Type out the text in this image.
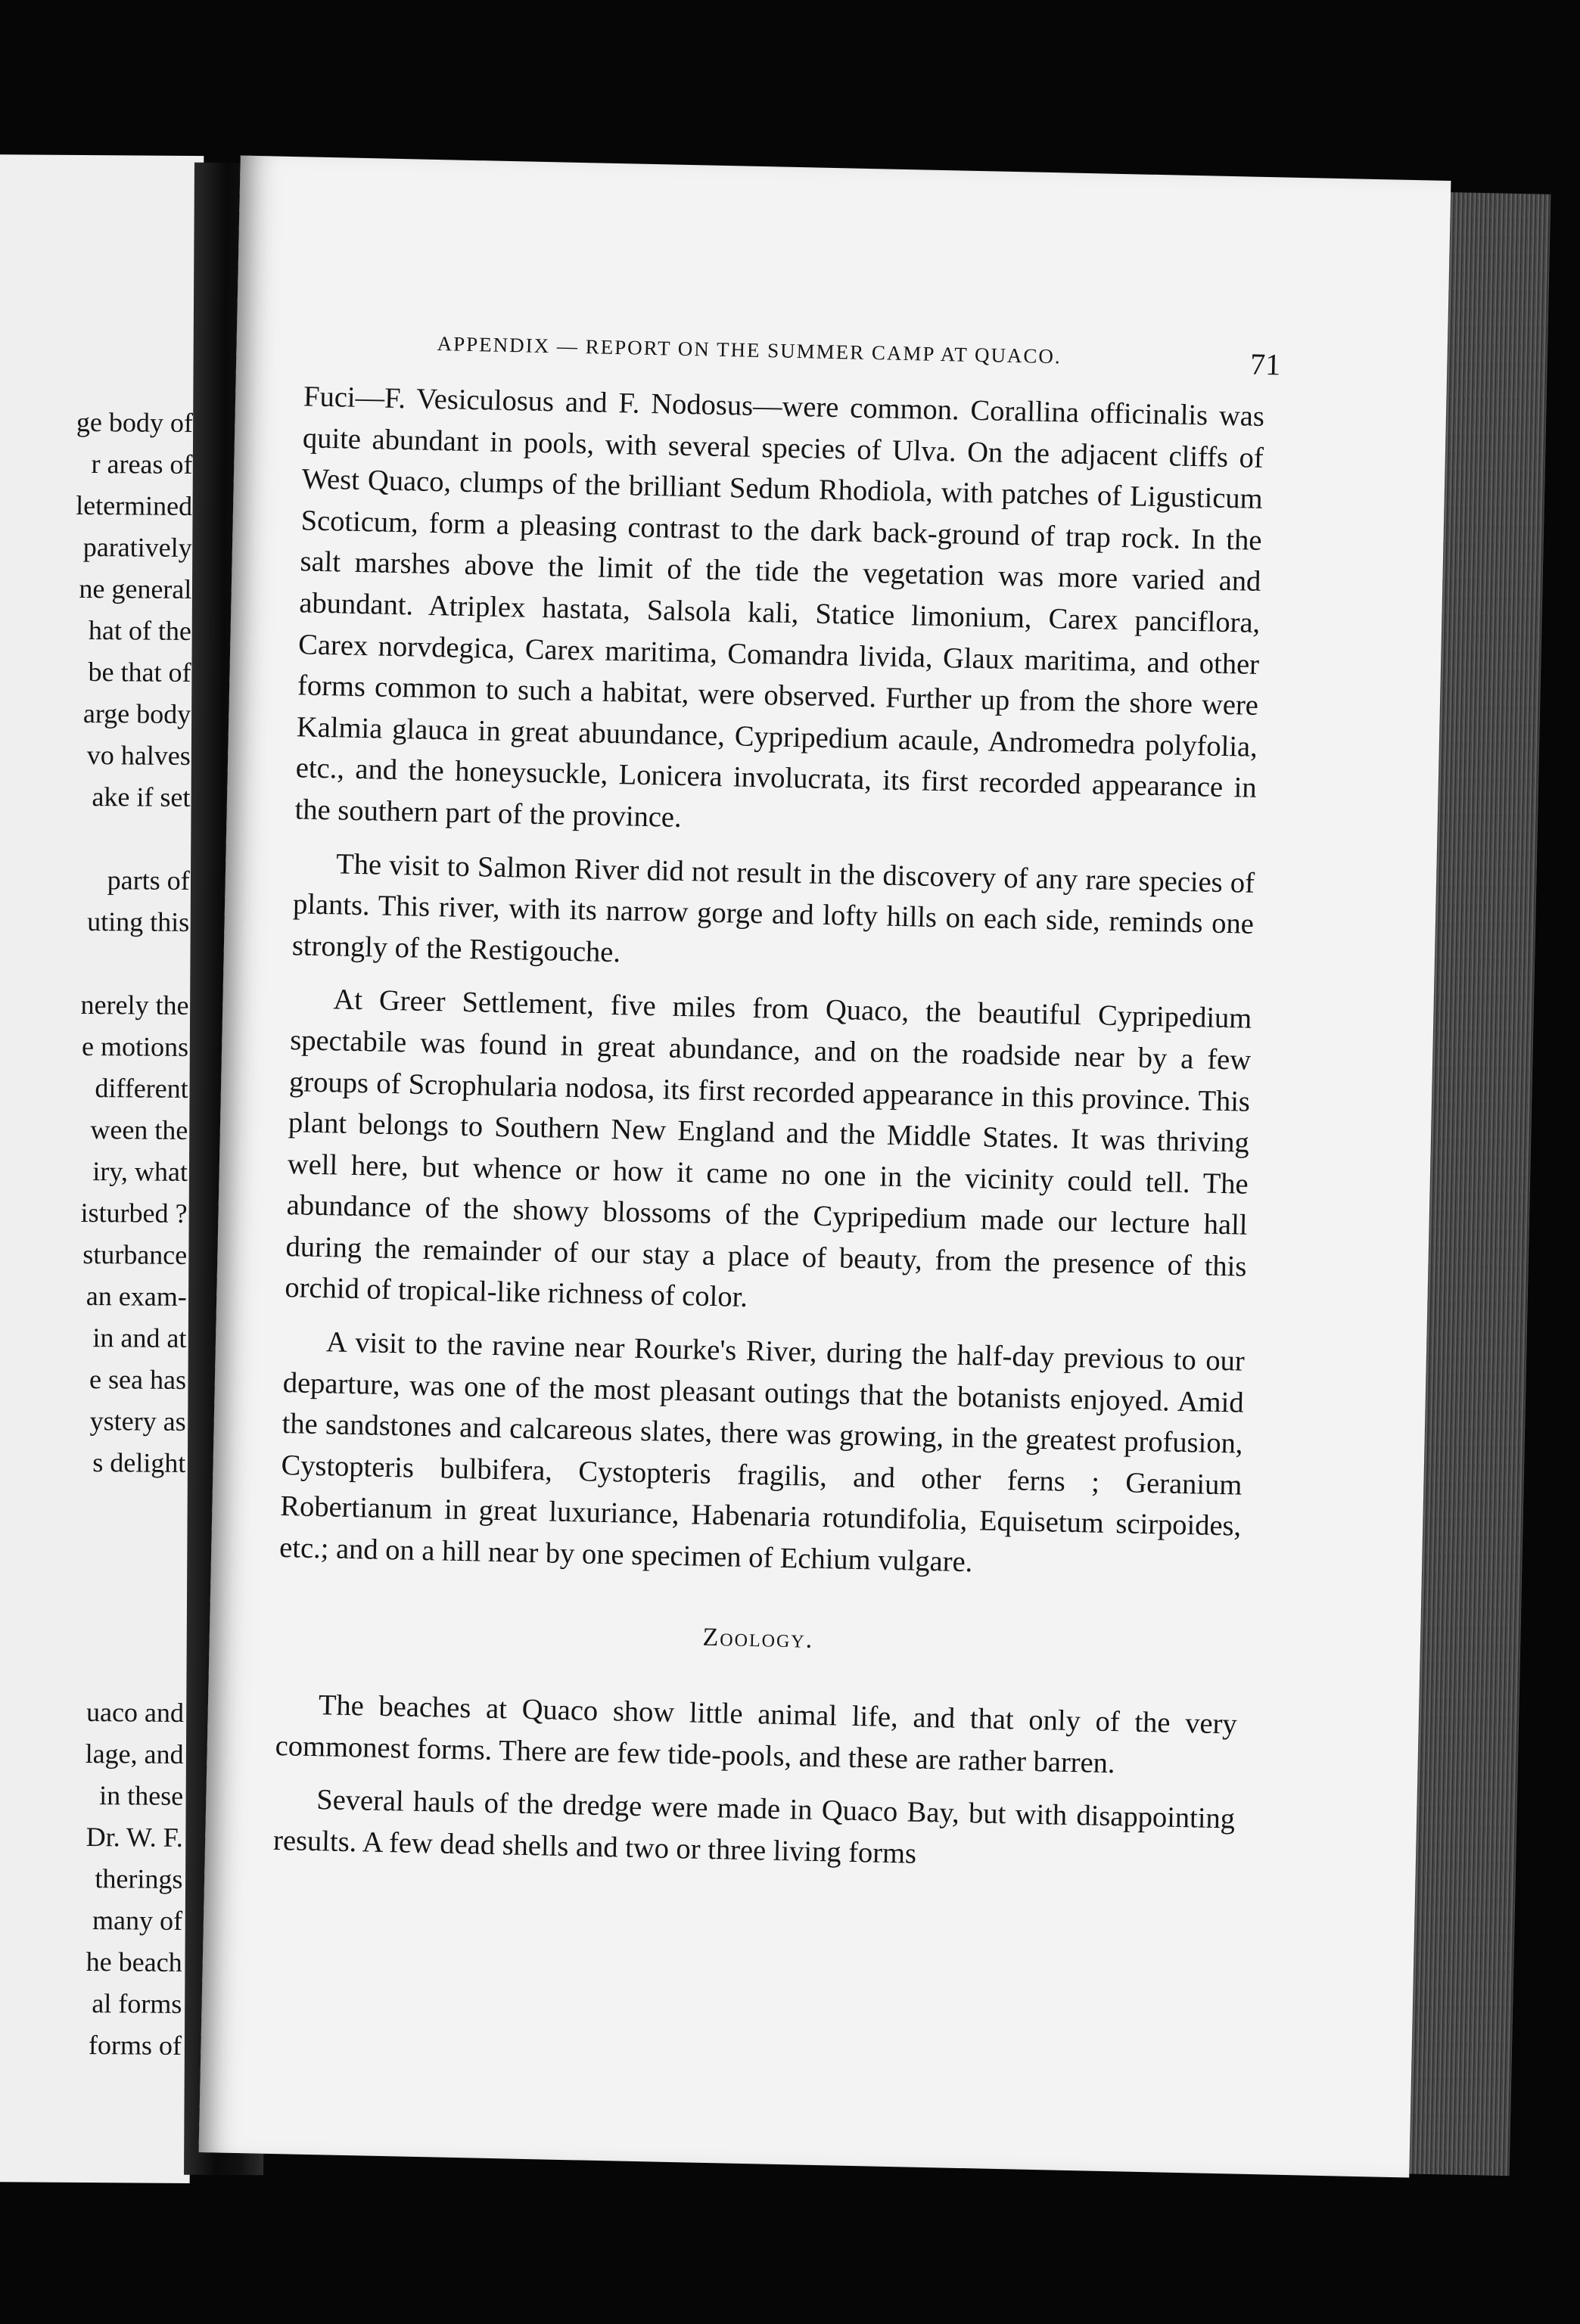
ge body of
r areas of
letermined
paratively
ne general
hat of the
be that of
arge body
vo halves
ake if set
parts of
uting this
nerely the
e motions
different
ween the
iry, what
isturbed ?
sturbance
an exam-
in and at
e sea has
ystery as
s delight
uaco and
lage, and
in these
Dr. W. F.
therings
many of
he beach
al forms
forms of
APPENDIX — REPORT ON THE SUMMER CAMP AT QUACO.	71

Fuci—F. Vesiculosus and F. Nodosus—were common. Corallina officinalis was quite abundant in pools, with several species of Ulva. On the adjacent cliffs of West Quaco, clumps of the brilliant Sedum Rhodiola, with patches of Ligusticum Scoticum, form a pleasing contrast to the dark back-ground of trap rock. In the salt marshes above the limit of the tide the vegetation was more varied and abundant. Atriplex hastata, Salsola kali, Statice limonium, Carex panciflora, Carex norvdegica, Carex maritima, Comandra livida, Glaux maritima, and other forms common to such a habitat, were observed. Further up from the shore were Kalmia glauca in great abuundance, Cypripedium acaule, Andromedra polyfolia, etc., and the honeysuckle, Lonicera involucrata, its first recorded appearance in the southern part of the province.

The visit to Salmon River did not result in the discovery of any rare species of plants. This river, with its narrow gorge and lofty hills on each side, reminds one strongly of the Restigouche.

At Greer Settlement, five miles from Quaco, the beautiful Cypripedium spectabile was found in great abundance, and on the roadside near by a few groups of Scrophularia nodosa, its first recorded appearance in this province. This plant belongs to Southern New England and the Middle States. It was thriving well here, but whence or how it came no one in the vicinity could tell. The abundance of the showy blossoms of the Cypripedium made our lecture hall during the remainder of our stay a place of beauty, from the presence of this orchid of tropical-like richness of color.

A visit to the ravine near Rourke's River, during the half-day previous to our departure, was one of the most pleasant outings that the botanists enjoyed. Amid the sandstones and calcareous slates, there was growing, in the greatest profusion, Cystopteris bulbifera, Cystopteris fragilis, and other ferns ; Geranium Robertianum in great luxuriance, Habenaria rotundifolia, Equisetum scirpoides, etc.; and on a hill near by one specimen of Echium vulgare.

Zoology.

The beaches at Quaco show little animal life, and that only of the very commonest forms. There are few tide-pools, and these are rather barren.

Several hauls of the dredge were made in Quaco Bay, but with disappointing results. A few dead shells and two or three living forms
